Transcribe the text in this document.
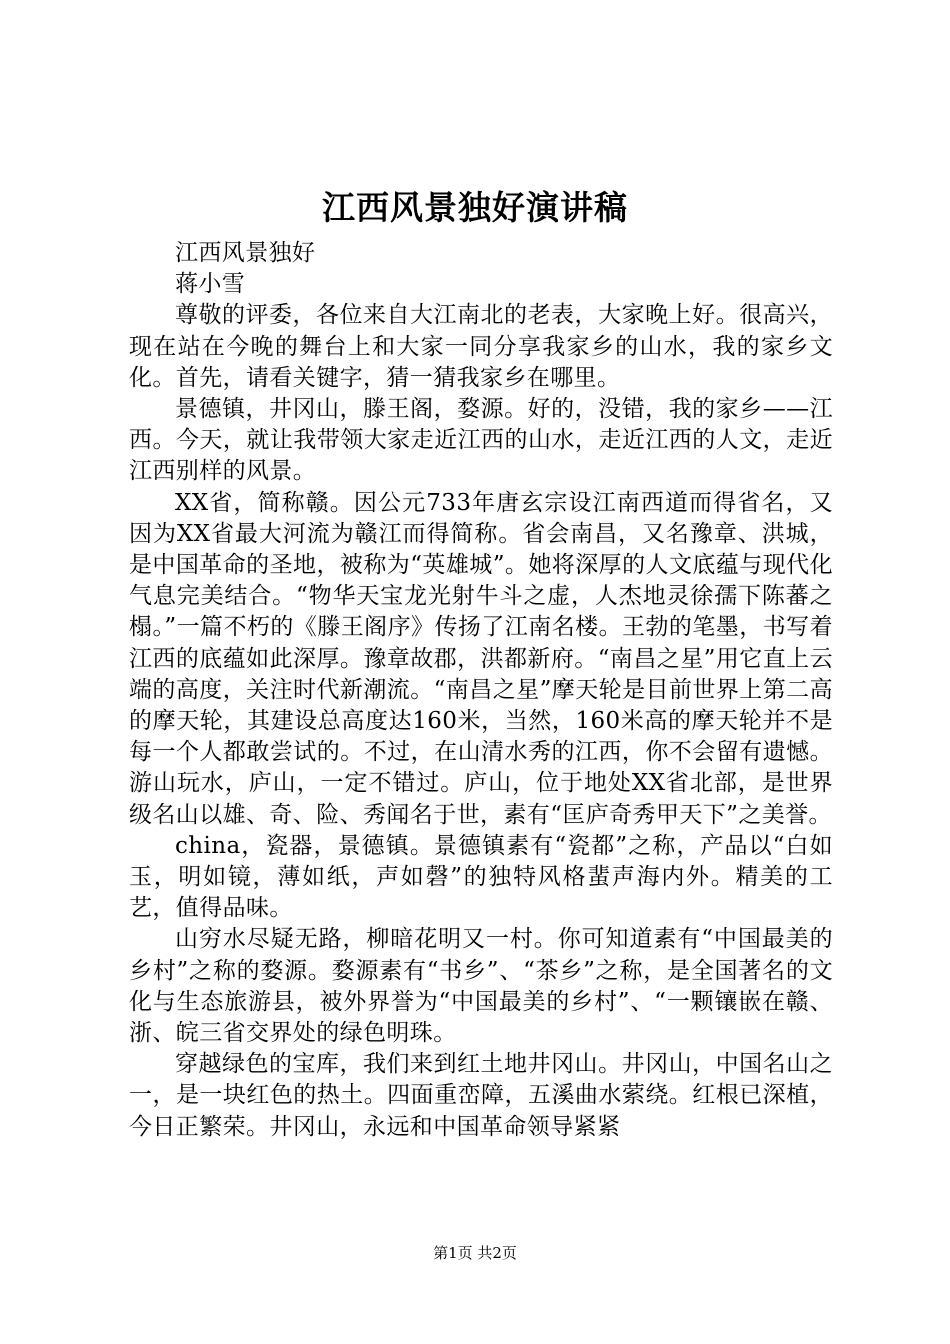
江西风景独好演讲稿

江西风景独好

蒋小雪

尊敬的评委，各位来自大江南北的老表，大家晚上好。很高兴，现在站在今晚的舞台上和大家一同分享我家乡的山水，我的家乡文化。首先，请看关键字，猜一猜我家乡在哪里。

景德镇，井冈山，滕王阁，婺源。好的，没错，我的家乡——江西。今天，就让我带领大家走近江西的山水，走近江西的人文，走近江西别样的风景。

XX省，简称赣。因公元733年唐玄宗设江南西道而得省名，又因为XX省最大河流为赣江而得简称。省会南昌，又名豫章、洪城，是中国革命的圣地，被称为“英雄城”。她将深厚的人文底蕴与现代化气息完美结合。“物华天宝龙光射牛斗之虚，人杰地灵徐孺下陈蕃之榻。”一篇不朽的《滕王阁序》传扬了江南名楼。王勃的笔墨，书写着江西的底蕴如此深厚。豫章故郡，洪都新府。“南昌之星”用它直上云端的高度，关注时代新潮流。“南昌之星”摩天轮是目前世界上第二高的摩天轮，其建设总高度达160米，当然，160米高的摩天轮并不是每一个人都敢尝试的。不过，在山清水秀的江西，你不会留有遗憾。游山玩水，庐山，一定不错过。庐山，位于地处XX省北部，是世界级名山以雄、奇、险、秀闻名于世，素有“匡庐奇秀甲天下”之美誉。

china，瓷器，景德镇。景德镇素有“瓷都”之称，产品以“白如玉，明如镜，薄如纸，声如磬”的独特风格蜚声海内外。精美的工艺，值得品味。

山穷水尽疑无路，柳暗花明又一村。你可知道素有“中国最美的乡村”之称的婺源。婺源素有“书乡”、“茶乡”之称，是全国著名的文化与生态旅游县，被外界誉为“中国最美的乡村”、“一颗镶嵌在赣、浙、皖三省交界处的绿色明珠。

穿越绿色的宝库，我们来到红土地井冈山。井冈山，中国名山之一，是一块红色的热土。四面重峦障，五溪曲水萦绕。红根已深植，今日正繁荣。井冈山，永远和中国革命领导紧紧

第1页 共2页
